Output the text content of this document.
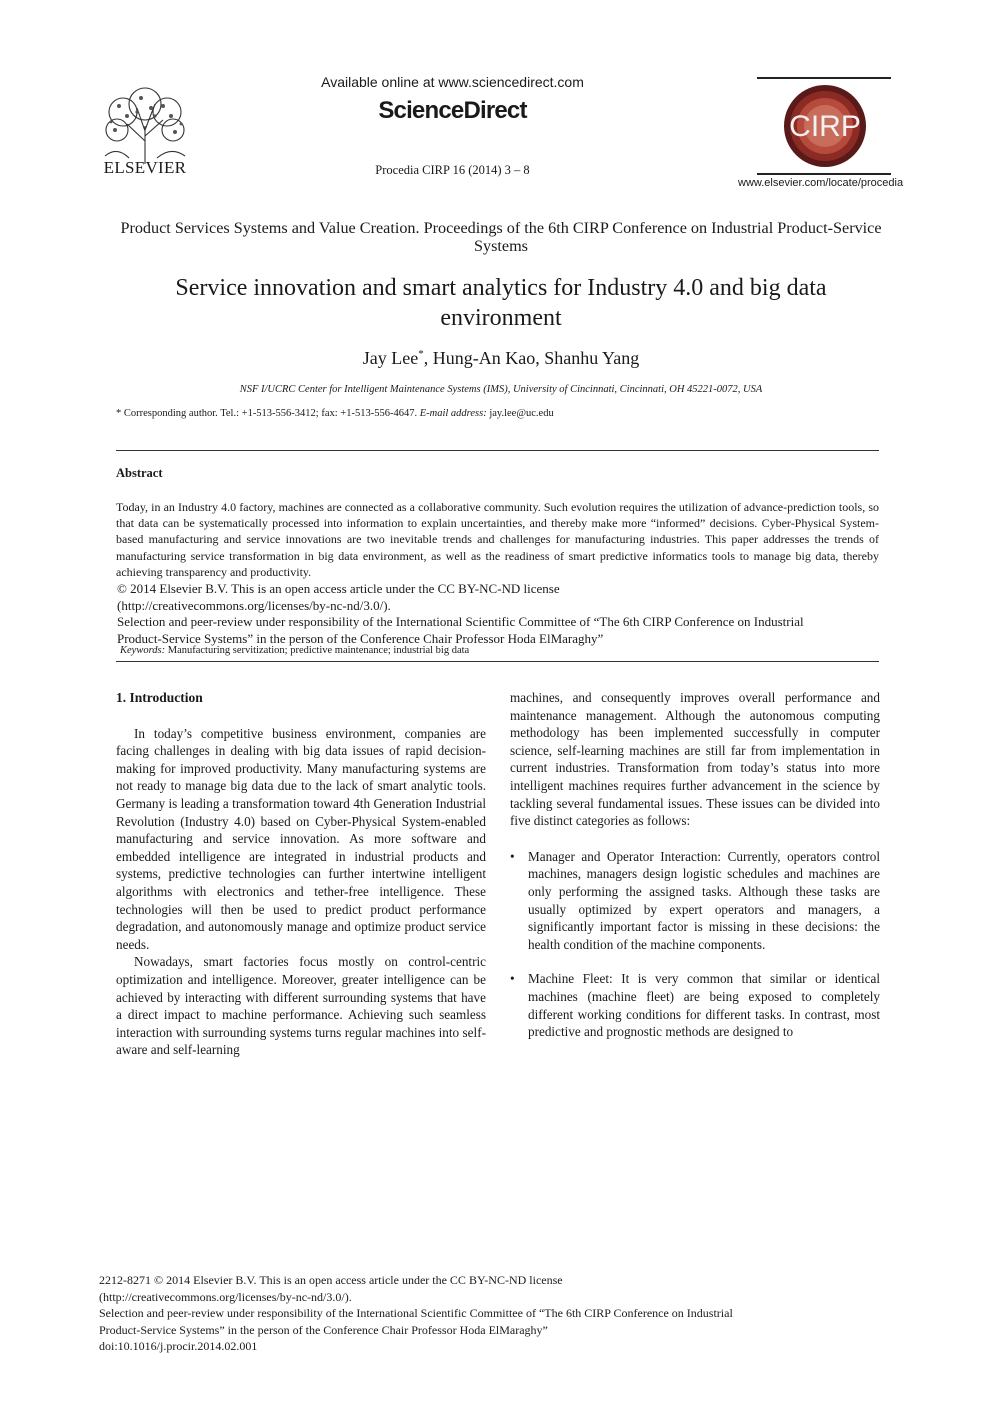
ELSEVIER
Available online at www.sciencedirect.com
ScienceDirect
Procedia CIRP 16 (2014) 3 – 8
CIRP
www.elsevier.com/locate/procedia
Product Services Systems and Value Creation. Proceedings of the 6th CIRP Conference on Industrial Product-Service Systems
Service innovation and smart analytics for Industry 4.0 and big data
environment
Jay Lee*, Hung-An Kao, Shanhu Yang
NSF I/UCRC Center for Intelligent Maintenance Systems (IMS), University of Cincinnati, Cincinnati, OH 45221-0072, USA
* Corresponding author. Tel.: +1-513-556-3412; fax: +1-513-556-4647. E-mail address: jay.lee@uc.edu
Abstract
Today, in an Industry 4.0 factory, machines are connected as a collaborative community. Such evolution requires the utilization of advance-prediction tools, so that data can be systematically processed into information to explain uncertainties, and thereby make more “informed” decisions. Cyber-Physical System-based manufacturing and service innovations are two inevitable trends and challenges for manufacturing industries. This paper addresses the trends of manufacturing service transformation in big data environment, as well as the readiness of smart predictive informatics tools to manage big data, thereby achieving transparency and productivity.
© 2014 Elsevier B.V. This is an open access article under the CC BY-NC-ND license
(http://creativecommons.org/licenses/by-nc-nd/3.0/).
Selection and peer-review under responsibility of the International Scientific Committee of “The 6th CIRP Conference on Industrial
Product-Service Systems” in the person of the Conference Chair Professor Hoda ElMaraghy”
Keywords: Manufacturing servitization; predictive maintenance; industrial big data
1. Introduction

In today’s competitive business environment, companies are facing challenges in dealing with big data issues of rapid decision-making for improved productivity. Many manufacturing systems are not ready to manage big data due to the lack of smart analytic tools. Germany is leading a transformation toward 4th Generation Industrial Revolution (Industry 4.0) based on Cyber-Physical System-enabled manufacturing and service innovation. As more software and embedded intelligence are integrated in industrial products and systems, predictive technologies can further intertwine intelligent algorithms with electronics and tether-free intelligence. These technologies will then be used to predict product performance degradation, and autonomously manage and optimize product service needs.

Nowadays, smart factories focus mostly on control-centric optimization and intelligence. Moreover, greater intelligence can be achieved by interacting with different surrounding systems that have a direct impact to machine performance. Achieving such seamless interaction with surrounding systems turns regular machines into self-aware and self-learning

machines, and consequently improves overall performance and maintenance management. Although the autonomous computing methodology has been implemented successfully in computer science, self-learning machines are still far from implementation in current industries. Transformation from today’s status into more intelligent machines requires further advancement in the science by tackling several fundamental issues. These issues can be divided into five distinct categories as follows:

• Manager and Operator Interaction: Currently, operators control machines, managers design logistic schedules and machines are only performing the assigned tasks. Although these tasks are usually optimized by expert operators and managers, a significantly important factor is missing in these decisions: the health condition of the machine components.
• Machine Fleet: It is very common that similar or identical machines (machine fleet) are being exposed to completely different working conditions for different tasks. In contrast, most predictive and prognostic methods are designed to
2212-8271 © 2014 Elsevier B.V. This is an open access article under the CC BY-NC-ND license
(http://creativecommons.org/licenses/by-nc-nd/3.0/).
Selection and peer-review under responsibility of the International Scientific Committee of “The 6th CIRP Conference on Industrial
Product-Service Systems” in the person of the Conference Chair Professor Hoda ElMaraghy”
doi:10.1016/j.procir.2014.02.001
